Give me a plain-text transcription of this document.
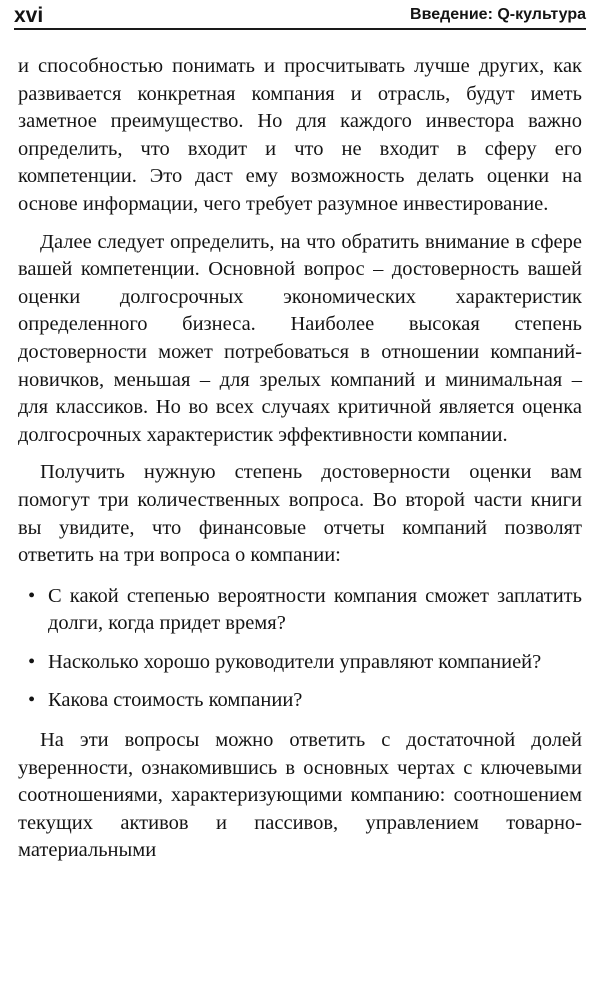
xvi	Введение: Q-культура

и способностью понимать и просчитывать лучше других, как развивается конкретная компания и отрасль, будут иметь заметное преимущество. Но для каждого инвестора важно определить, что входит и что не входит в сферу его компетенции. Это даст ему возможность делать оценки на основе информации, чего требует разумное инвестирование.

Далее следует определить, на что обратить внимание в сфере вашей компетенции. Основной вопрос – достоверность вашей оценки долгосрочных экономических характеристик определенного бизнеса. Наиболее высокая степень достоверности может потребоваться в отношении компаний-новичков, меньшая – для зрелых компаний и минимальная – для классиков. Но во всех случаях критичной является оценка долгосрочных характеристик эффективности компании.

Получить нужную степень достоверности оценки вам помогут три количественных вопроса. Во второй части книги вы увидите, что финансовые отчеты компаний позволят ответить на три вопроса о компании:

• С какой степенью вероятности компания сможет заплатить долги, когда придет время?
• Насколько хорошо руководители управляют компанией?
• Какова стоимость компании?

На эти вопросы можно ответить с достаточной долей уверенности, ознакомившись в основных чертах с ключевыми соотношениями, характеризующими компанию: соотношением текущих активов и пассивов, управлением товарно-материальными
